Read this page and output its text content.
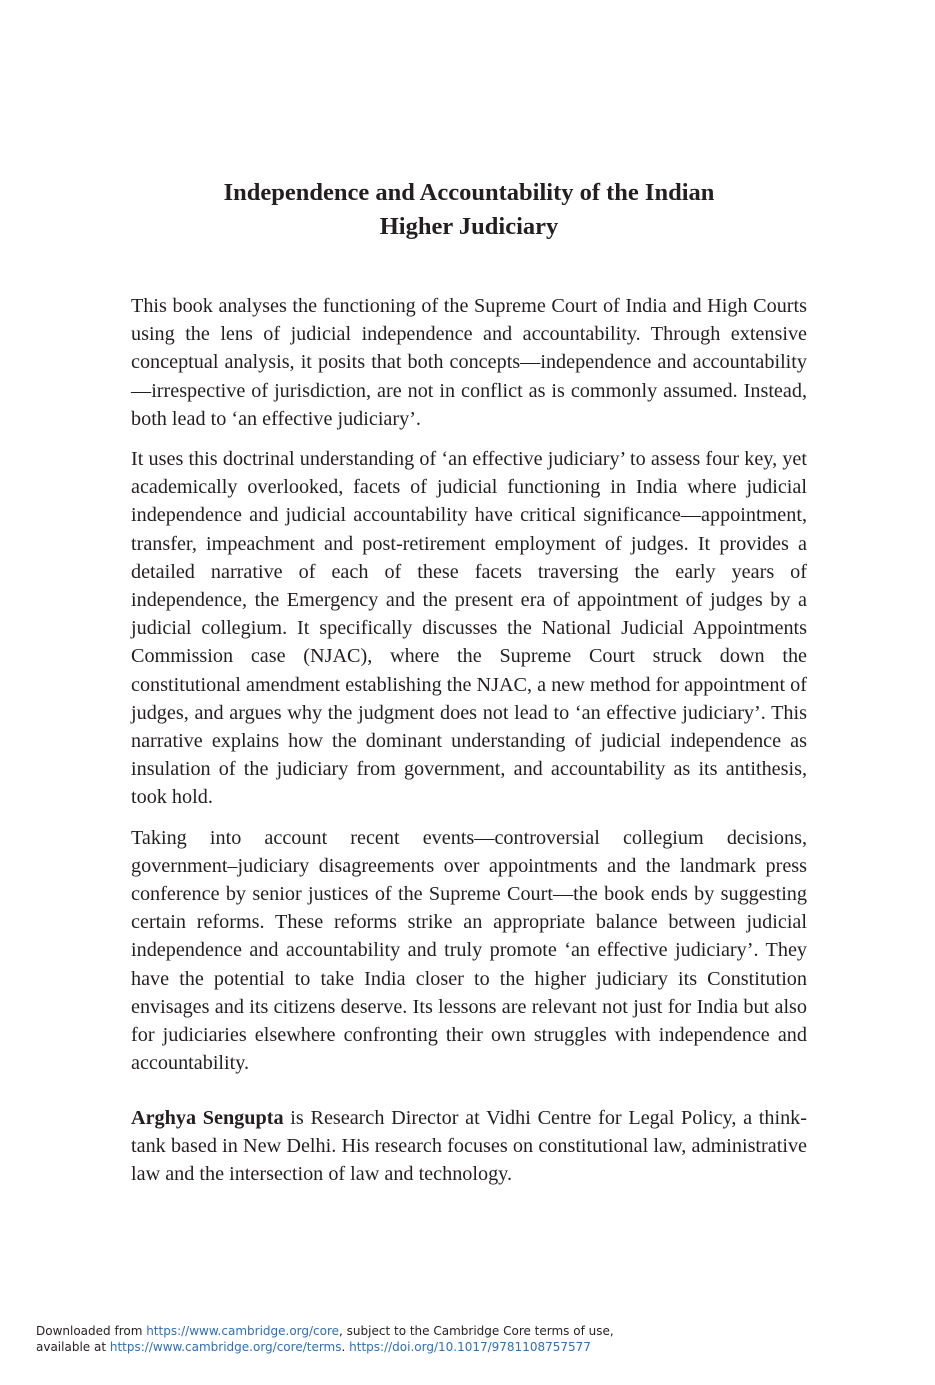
Independence and Accountability of the Indian
Higher Judiciary

This book analyses the functioning of the Supreme Court of India and High Courts using the lens of judicial independence and accountability. Through extensive conceptual analysis, it posits that both concepts—independence and accountability—irrespective of jurisdiction, are not in conflict as is commonly assumed. Instead, both lead to ‘an effective judiciary’.

It uses this doctrinal understanding of ‘an effective judiciary’ to assess four key, yet academically overlooked, facets of judicial functioning in India where judicial independence and judicial accountability have critical significance—appointment, transfer, impeachment and post-retirement employment of judges. It provides a detailed narrative of each of these facets traversing the early years of independence, the Emergency and the present era of appointment of judges by a judicial collegium. It specifically discusses the National Judicial Appointments Commission case (NJAC), where the Supreme Court struck down the constitutional amendment establishing the NJAC, a new method for appointment of judges, and argues why the judgment does not lead to ‘an effective judiciary’. This narrative explains how the dominant understanding of judicial independence as insulation of the judiciary from government, and accountability as its antithesis, took hold.

Taking into account recent events—controversial collegium decisions, government–judiciary disagreements over appointments and the landmark press conference by senior justices of the Supreme Court—the book ends by suggesting certain reforms. These reforms strike an appropriate balance between judicial independence and accountability and truly promote ‘an effective judiciary’. They have the potential to take India closer to the higher judiciary its Constitution envisages and its citizens deserve. Its lessons are relevant not just for India but also for judiciaries elsewhere confronting their own struggles with independence and accountability.

Arghya Sengupta is Research Director at Vidhi Centre for Legal Policy, a think-tank based in New Delhi. His research focuses on constitutional law, administrative law and the intersection of law and technology.

Downloaded from https://www.cambridge.org/core, subject to the Cambridge Core terms of use,
available at https://www.cambridge.org/core/terms. https://doi.org/10.1017/9781108757577
